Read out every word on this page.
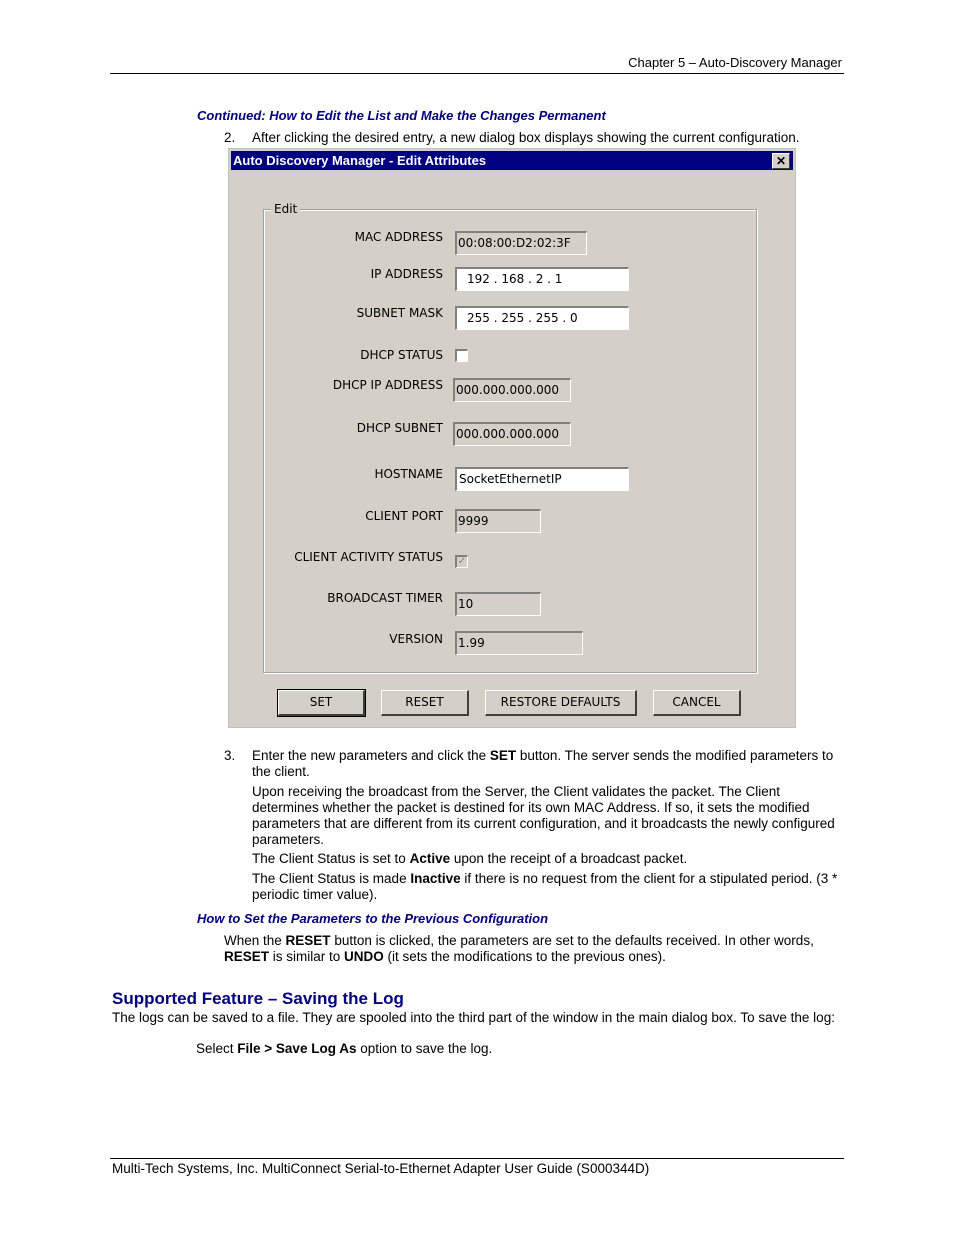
Chapter 5 – Auto-Discovery Manager
Continued: How to Edit the List and Make the Changes Permanent
2. After clicking the desired entry, a new dialog box displays showing the current configuration.
Auto Discovery Manager - Edit Attributes	✕
Edit
MAC ADDRESS 00:08:00:D2:02:3F
IP ADDRESS	192 . 168 . 2 . 1
SUBNET MASK	255 . 255 . 255 . 0
DHCP STATUS
DHCP IP ADDRESS 000.000.000.000
DHCP SUBNET 000.000.000.000
HOSTNAME	SocketEthernetIP
CLIENT PORT 9999
CLIENT ACTIVITY STATUS ✓
BROADCAST TIMER 10
VERSION 1.99
SET	RESET	RESTORE DEFAULTS	CANCEL
3. Enter the new parameters and click the SET button. The server sends the modified parameters to the client.
Upon receiving the broadcast from the Server, the Client validates the packet. The Client determines whether the packet is destined for its own MAC Address. If so, it sets the modified parameters that are different from its current configuration, and it broadcasts the newly configured parameters.
The Client Status is set to Active upon the receipt of a broadcast packet.
The Client Status is made Inactive if there is no request from the client for a stipulated period. (3 * periodic timer value).
How to Set the Parameters to the Previous Configuration
When the RESET button is clicked, the parameters are set to the defaults received. In other words, RESET is similar to UNDO (it sets the modifications to the previous ones).
Supported Feature – Saving the Log
The logs can be saved to a file. They are spooled into the third part of the window in the main dialog box. To save the log:
Select File > Save Log As option to save the log.
Multi-Tech Systems, Inc. MultiConnect Serial-to-Ethernet Adapter User Guide (S000344D)
